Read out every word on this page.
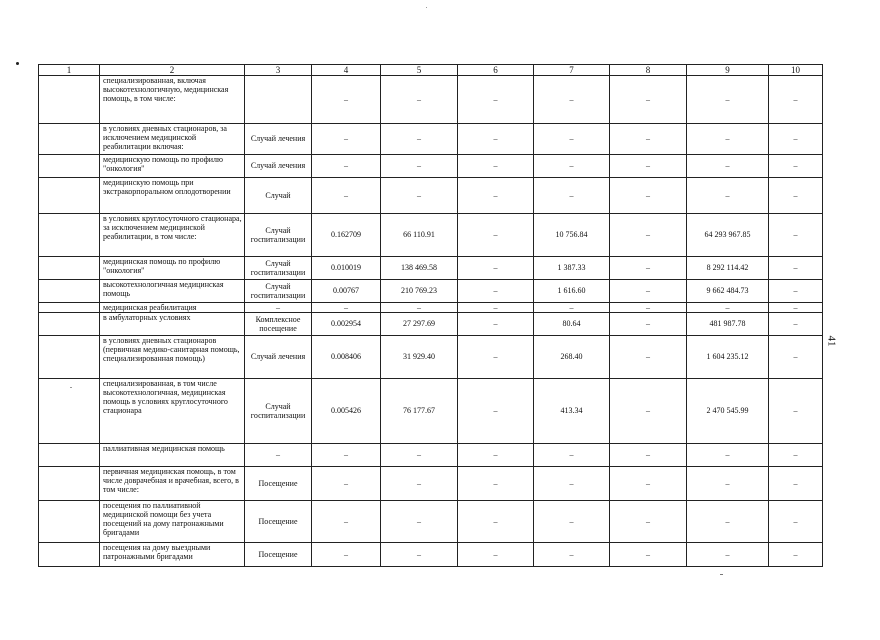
41
1	2	3	4	5	6	7	8	9	10
	специализированная, включая высокотехнологичную, медицинская помощь, в том числе:		–	–	–	–	–	–	–
	в условиях дневных стационаров, за исключением медицинской реабилитации включая:	Случай лечения	–	–	–	–	–	–	–
	медицинскую помощь по профилю "онкология"	Случай лечения	–	–	–	–	–	–	–
	медицинскую помощь при экстракорпоральном оплодотворении	Случай	–	–	–	–	–	–	–
	в условиях круглосуточного стационара, за исключением медицинской реабилитации, в том числе:	Случай госпитализации	0.162709	66 110.91	–	10 756.84	–	64 293 967.85	–
	медицинская помощь по профилю "онкология"	Случай госпитализации	0.010019	138 469.58	–	1 387.33	–	8 292 114.42	–
	высокотехнологичная медицинская помощь	Случай госпитализации	0.00767	210 769.23	–	1 616.60	–	9 662 484.73	–
	медицинская реабилитация	–	–	–	–	–	–	–	–
	в амбулаторных условиях	Комплексное посещение	0.002954	27 297.69	–	80.64	–	481 987.78	–
	в условиях дневных стационаров (первичная медико-санитарная помощь, специализированная помощь)	Случай лечения	0.008406	31 929.40	–	268.40	–	1 604 235.12	–
	специализированная, в том числе высокотехнологичная, медицинская помощь в условиях круглосуточного стационара	Случай госпитализации	0.005426	76 177.67	–	413.34	–	2 470 545.99	–
	паллиативная медицинская помощь	–	–	–	–	–	–	–	–
	первичная медицинская помощь, в том числе доврачебная и врачебная, всего, в том числе:	Посещение	–	–	–	–	–	–	–
	посещения по паллиативной медицинской помощи без учета посещений на дому патронажными бригадами	Посещение	–	–	–	–	–	–	–
	посещения на дому выездными патронажными бригадами	Посещение	–	–	–	–	–	–	–
